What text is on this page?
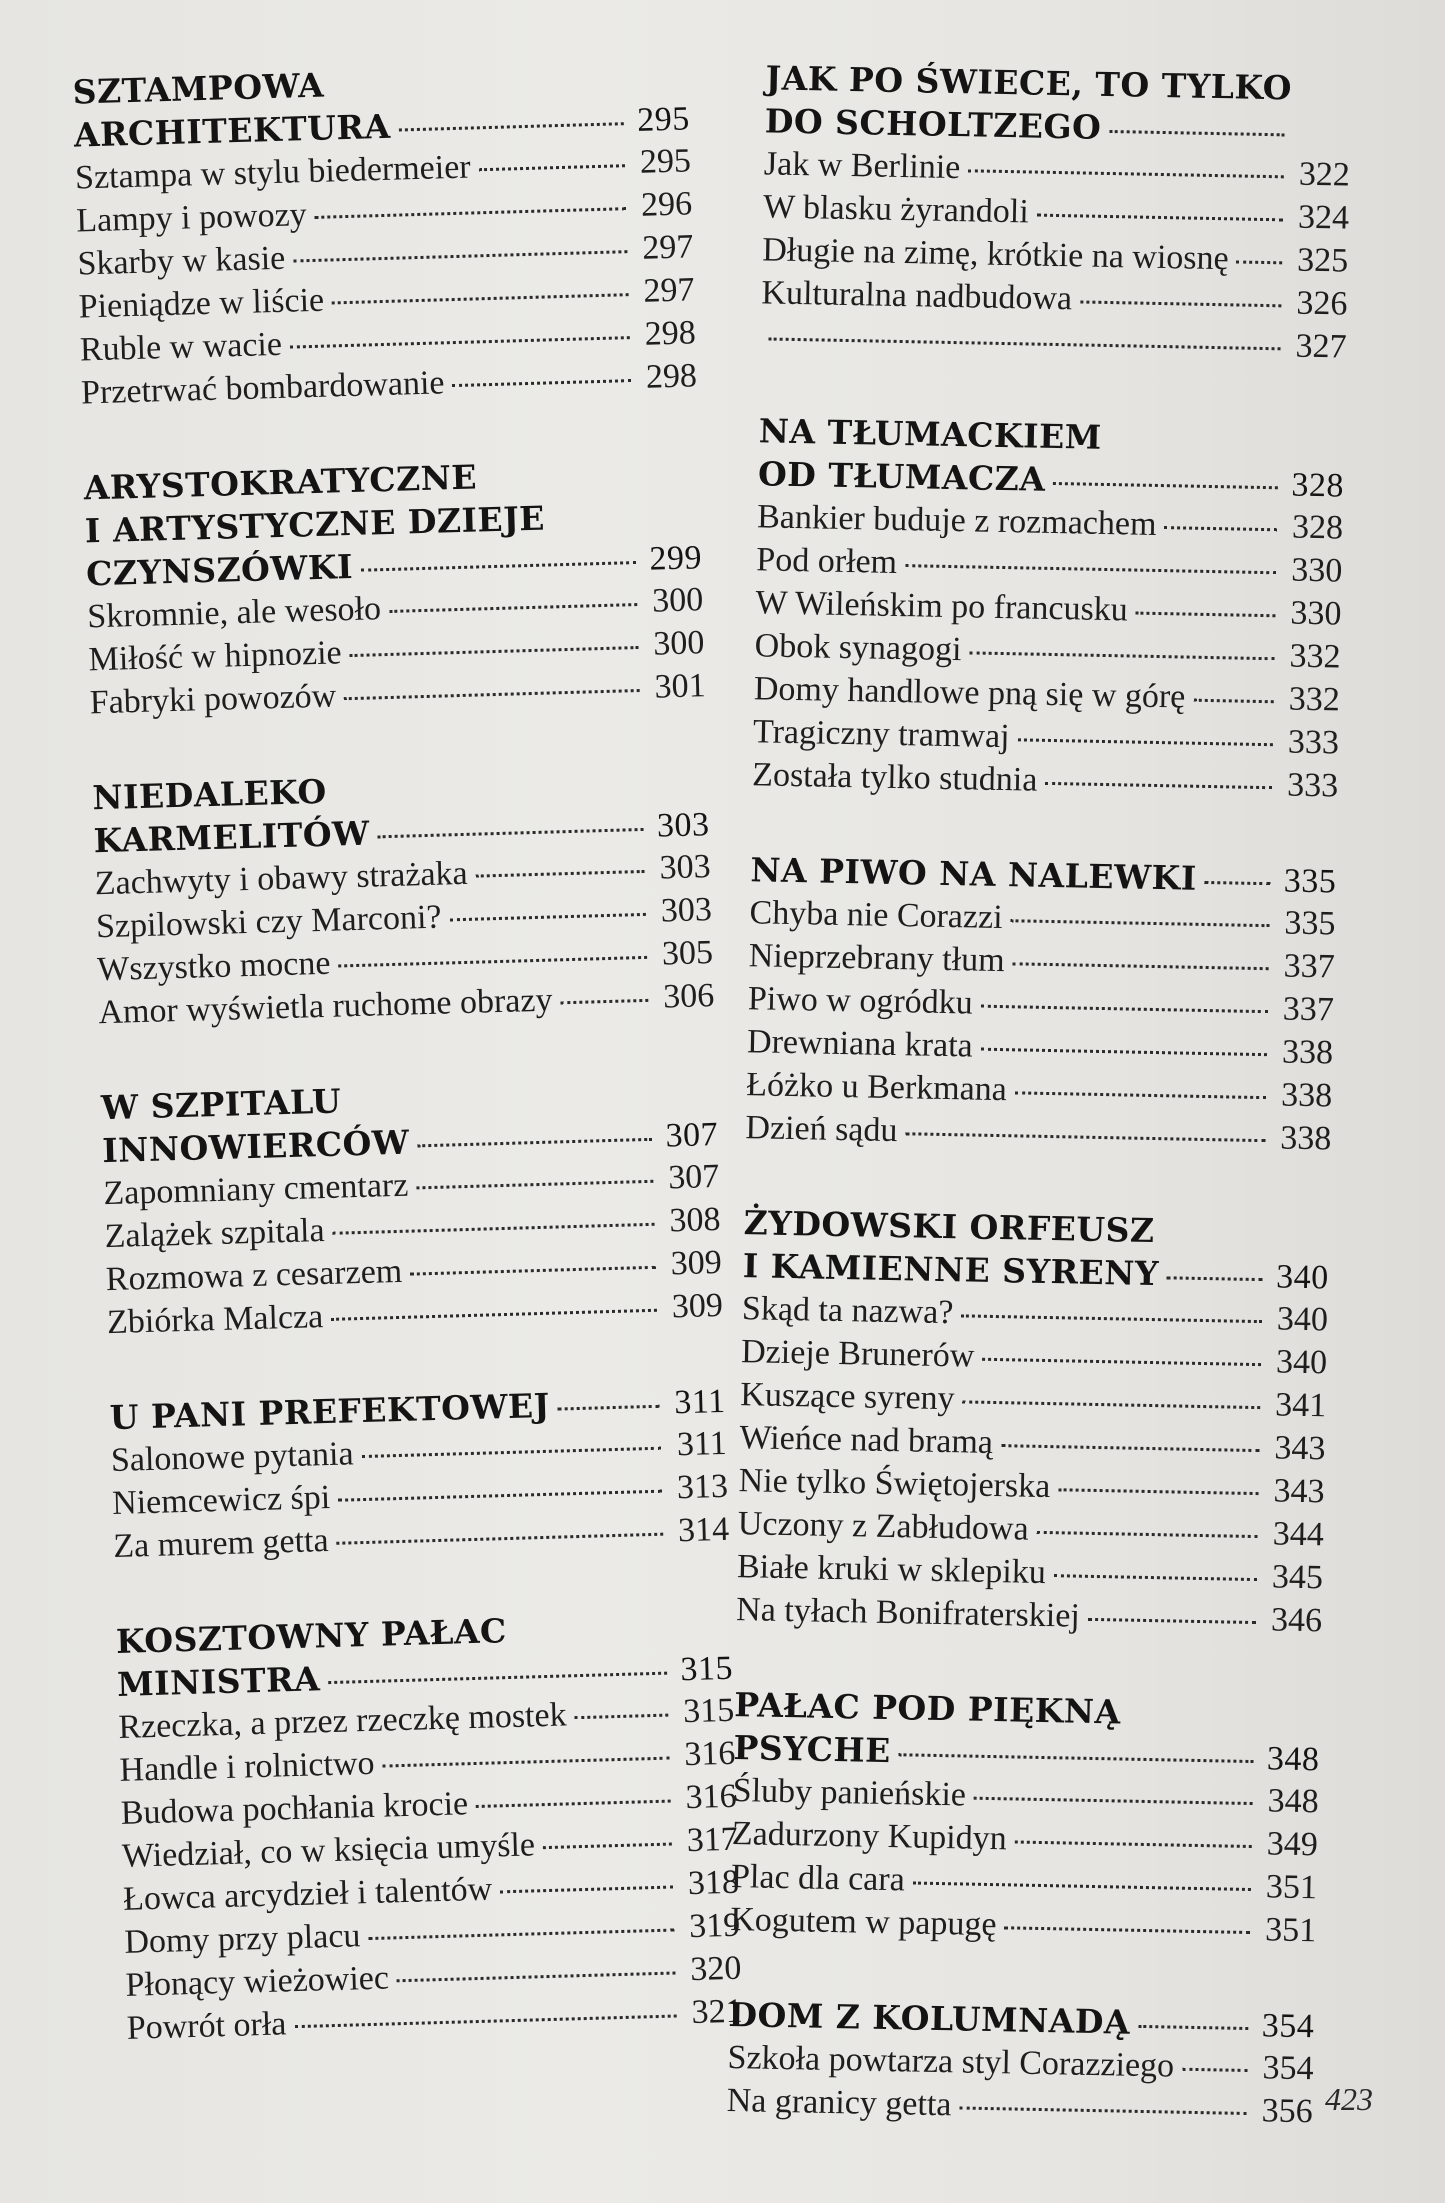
SZTAMPOWA
ARCHITEKTURA	295
Sztampa w stylu biedermeier	295
Lampy i powozy	296
Skarby w kasie	297
Pieniądze w liście	297
Ruble w wacie	298
Przetrwać bombardowanie	298
ARYSTOKRATYCZNE
I ARTYSTYCZNE DZIEJE
CZYNSZÓWKI	299
Skromnie, ale wesoło	300
Miłość w hipnozie	300
Fabryki powozów	301
NIEDALEKO
KARMELITÓW	303
Zachwyty i obawy strażaka	303
Szpilowski czy Marconi?	303
Wszystko mocne	305
Amor wyświetla ruchome obrazy	306
W SZPITALU
INNOWIERCÓW	307
Zapomniany cmentarz	307
Zalążek szpitala	308
Rozmowa z cesarzem	309
Zbiórka Malcza	309
U PANI PREFEKTOWEJ	311
Salonowe pytania	311
Niemcewicz śpi	313
Za murem getta	314
KOSZTOWNY PAŁAC
MINISTRA	315
Rzeczka, a przez rzeczkę mostek	315
Handle i rolnictwo	316
Budowa pochłania krocie	316
Wiedział, co w księcia umyśle	317
Łowca arcydzieł i talentów	318
Domy przy placu	319
Płonący wieżowiec	320
Powrót orła	321
JAK PO ŚWIECE, TO TYLKO
DO SCHOLTZEGO
Jak w Berlinie	322
W blasku żyrandoli	324
Długie na zimę, krótkie na wiosnę	325
Kulturalna nadbudowa	326
327
NA TŁUMACKIEM
OD TŁUMACZA	328
Bankier buduje z rozmachem	328
Pod orłem	330
W Wileńskim po francusku	330
Obok synagogi	332
Domy handlowe pną się w górę	332
Tragiczny tramwaj	333
Została tylko studnia	333
NA PIWO NA NALEWKI	335
Chyba nie Corazzi	335
Nieprzebrany tłum	337
Piwo w ogródku	337
Drewniana krata	338
Łóżko u Berkmana	338
Dzień sądu	338
ŻYDOWSKI ORFEUSZ
I KAMIENNE SYRENY	340
Skąd ta nazwa?	340
Dzieje Brunerów	340
Kuszące syreny	341
Wieńce nad bramą	343
Nie tylko Świętojerska	343
Uczony z Zabłudowa	344
Białe kruki w sklepiku	345
Na tyłach Bonifraterskiej	346
PAŁAC POD PIĘKNĄ
PSYCHE	348
Śluby panieńskie	348
Zadurzony Kupidyn	349
Plac dla cara	351
Kogutem w papugę	351
DOM Z KOLUMNADĄ	354
Szkoła powtarza styl Corazziego	354
Na granicy getta	356 423
